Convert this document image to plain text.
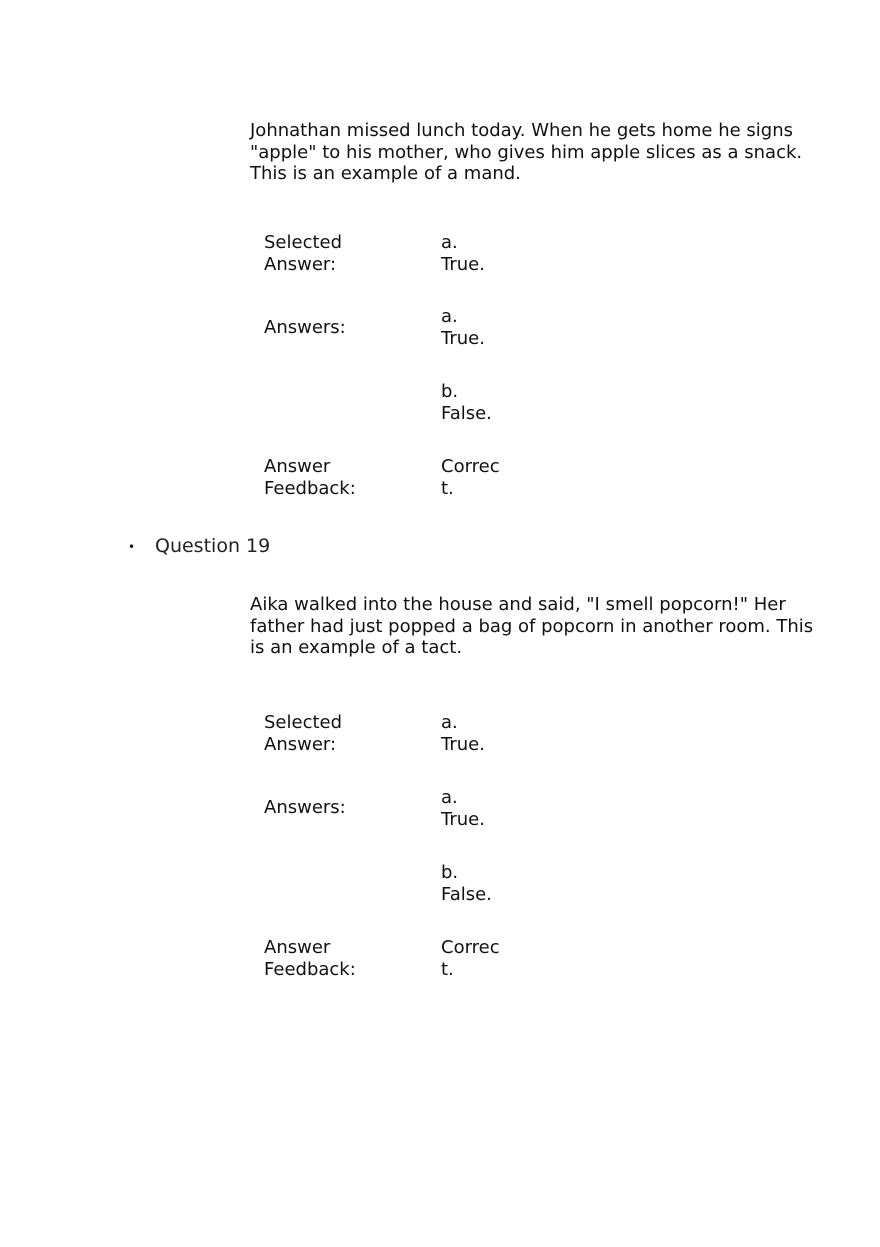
Johnathan missed lunch today. When he gets home he signs "apple" to his mother, who gives him apple slices as a snack. This is an example of a mand.
Selected
Answer:
a.
True.
Answers:
a.
True.
b.
False.
Answer
Feedback:
Correc
t.
• Question 19
Aika walked into the house and said, "I smell popcorn!" Her father had just popped a bag of popcorn in another room. This is an example of a tact.
Selected
Answer:
a.
True.
Answers:	a.
True.
b.
False.
Answer
Feedback:
Correc
t.
